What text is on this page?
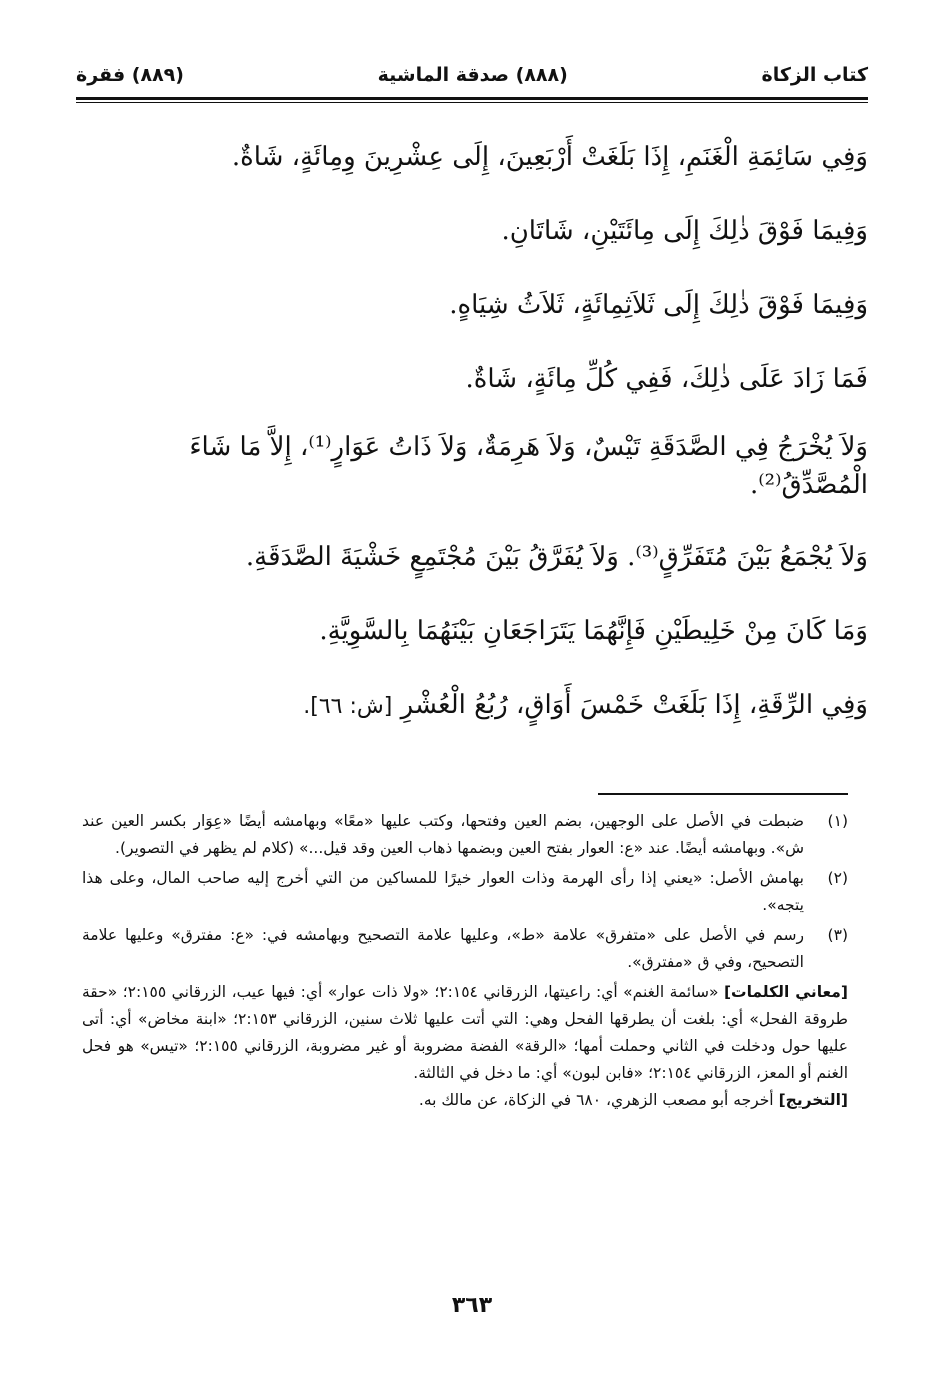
كتاب الزكاة
(٨٨٨) صدقة الماشية
(٨٨٩) فقرة

وَفِي سَائِمَةِ الْغَنَمِ، إِذَا بَلَغَتْ أَرْبَعِينَ، إِلَى عِشْرِينَ وِمِائَةٍ، شَاةٌ.

وَفِيمَا فَوْقَ ذٰلِكَ إِلَى مِائَتَيْنِ، شَاتَانِ.

وَفِيمَا فَوْقَ ذٰلِكَ إِلَى ثَلاَثِمِائَةٍ، ثَلاَثُ شِيَاهٍ.

فَمَا زَادَ عَلَى ذٰلِكَ، فَفِي كُلِّ مِائَةٍ، شَاةٌ.

وَلاَ يُخْرَجُ فِي الصَّدَقَةِ تَيْسٌ، وَلاَ هَرِمَةٌ، وَلاَ ذَاتُ عَوَارٍ⁽¹⁾، إِلاَّ مَا شَاءَ الْمُصَّدِّقُ⁽²⁾.

وَلاَ يُجْمَعُ بَيْنَ مُتَفَرِّقٍ⁽³⁾. وَلاَ يُفَرَّقُ بَيْنَ مُجْتَمِعٍ خَشْيَةَ الصَّدَقَةِ.

وَمَا كَانَ مِنْ خَلِيطَيْنِ فَإِنَّهُمَا يَتَرَاجَعَانِ بَيْنَهُمَا بِالسَّوِيَّةِ.

وَفِي الرِّقَةِ، إِذَا بَلَغَتْ خَمْسَ أَوَاقٍ، رُبُعُ الْعُشْرِ [ش: ٦٦].

(١)
ضبطت في الأصل على الوجهين، بضم العين وفتحها، وكتب عليها «معًا» وبهامشه أيضًا «عِوَار بكسر العين عند ش». وبهامشه أيضًا. عند «ع: العوار بفتح العين وبضمها ذهاب العين وقد قيل...» (كلام لم يظهر في التصوير).
(٢)
بهامش الأصل: «يعني إذا رأى الهرمة وذات العوار خيرًا للمساكين من التي أخرج إليه صاحب المال، وعلى هذا يتجه».
(٣)
رسم في الأصل على «متفرق» علامة «ط»، وعليها علامة التصحيح وبهامشه في: «ع: مفترق» وعليها علامة التصحيح، وفي ق «مفترق».
[معاني الكلمات] «سائمة الغنم» أي: راعيتها، الزرقاني ٢:١٥٤؛ «ولا ذات عوار» أي: فيها عيب، الزرقاني ٢:١٥٥؛ «حقة طروقة الفحل» أي: بلغت أن يطرقها الفحل وهي: التي أتت عليها ثلاث سنين، الزرقاني ٢:١٥٣؛ «ابنة مخاض» أي: أتى عليها حول ودخلت في الثاني وحملت أمها؛ «الرقة» الفضة مضروبة أو غير مضروبة، الزرقاني ٢:١٥٥؛ «تيس» هو فحل الغنم أو المعز، الزرقاني ٢:١٥٤؛ «فابن لبون» أي: ما دخل في الثالثة.
[التخريج] أخرجه أبو مصعب الزهري، ٦٨٠ في الزكاة، عن مالك به.
٣٦٣
